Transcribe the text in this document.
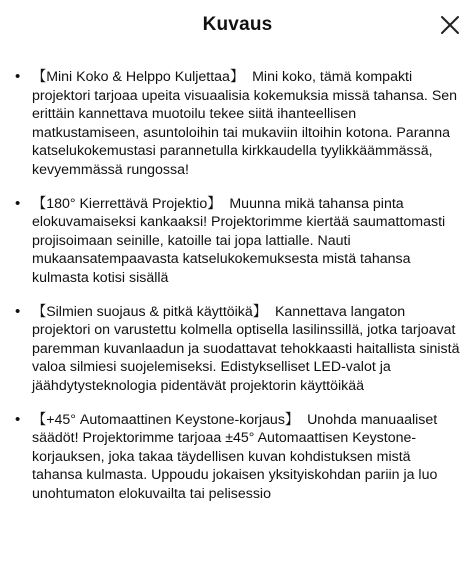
Kuvaus
• 【Mini Koko & Helppo Kuljettaa】 Mini koko, tämä kompakti projektori tarjoaa upeita visuaalisia kokemuksia missä tahansa. Sen erittäin kannettava muotoilu tekee siitä ihanteellisen matkustamiseen, asuntoloihin tai mukaviin iltoihin kotona. Paranna katselukokemustasi parannetulla kirkkaudella tyylikkäämmässä, kevyemmässä rungossa!
• 【180° Kierrettävä Projektio】 Muunna mikä tahansa pinta elokuvamaiseksi kankaaksi! Projektorimme kiertää saumattomasti projisoimaan seinille, katoille tai jopa lattialle. Nauti mukaansatempaavasta katselukokemuksesta mistä tahansa kulmasta kotisi sisällä
• 【Silmien suojaus & pitkä käyttöikä】 Kannettava langaton projektori on varustettu kolmella optisella lasilinssillä, jotka tarjoavat paremman kuvanlaadun ja suodattavat tehokkaasti haitallista sinistä valoa silmiesi suojelemiseksi. Edistykselliset LED-valot ja jäähdytysteknologia pidentävät projektorin käyttöikää
• 【+45° Automaattinen Keystone-korjaus】 Unohda manuaaliset säädöt! Projektorimme tarjoaa ±45° Automaattisen Keystone-korjauksen, joka takaa täydellisen kuvan kohdistuksen mistä tahansa kulmasta. Uppoudu jokaisen yksityiskohdan pariin ja luo unohtumaton elokuvailta tai pelisessio
